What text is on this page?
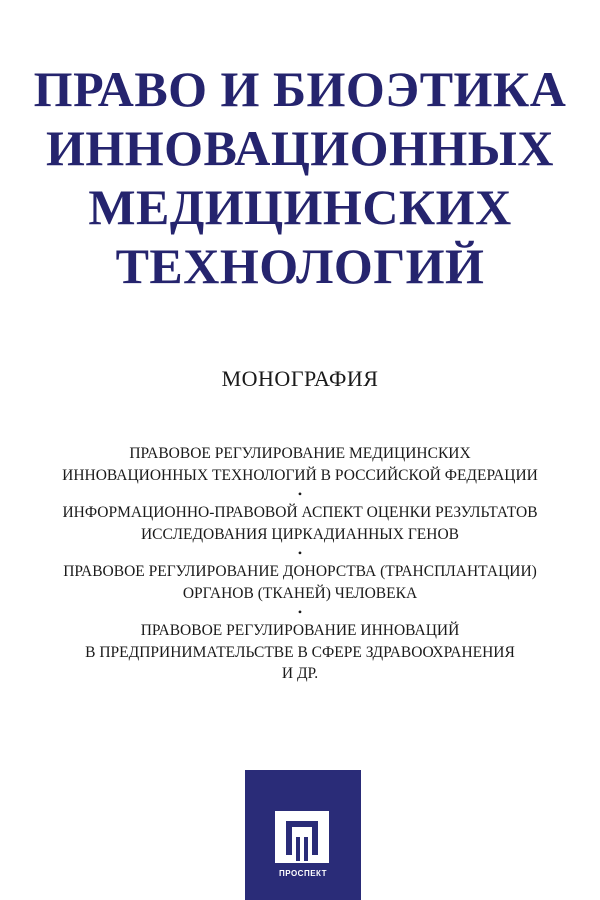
ПРАВО И БИОЭТИКА
ИННОВАЦИОННЫХ
МЕДИЦИНСКИХ
ТЕХНОЛОГИЙ
МОНОГРАФИЯ
ПРАВОВОЕ РЕГУЛИРОВАНИЕ МЕДИЦИНСКИХ
ИННОВАЦИОННЫХ ТЕХНОЛОГИЙ В РОССИЙСКОЙ ФЕДЕРАЦИИ
•
ИНФОРМАЦИОННО-ПРАВОВОЙ АСПЕКТ ОЦЕНКИ РЕЗУЛЬТАТОВ
ИССЛЕДОВАНИЯ ЦИРКАДИАННЫХ ГЕНОВ
•
ПРАВОВОЕ РЕГУЛИРОВАНИЕ ДОНОРСТВА (ТРАНСПЛАНТАЦИИ)
ОРГАНОВ (ТКАНЕЙ) ЧЕЛОВЕКА
•
ПРАВОВОЕ РЕГУЛИРОВАНИЕ ИННОВАЦИЙ
В ПРЕДПРИНИМАТЕЛЬСТВЕ В СФЕРЕ ЗДРАВООХРАНЕНИЯ
И ДР.
ПРОСПЕКТ
